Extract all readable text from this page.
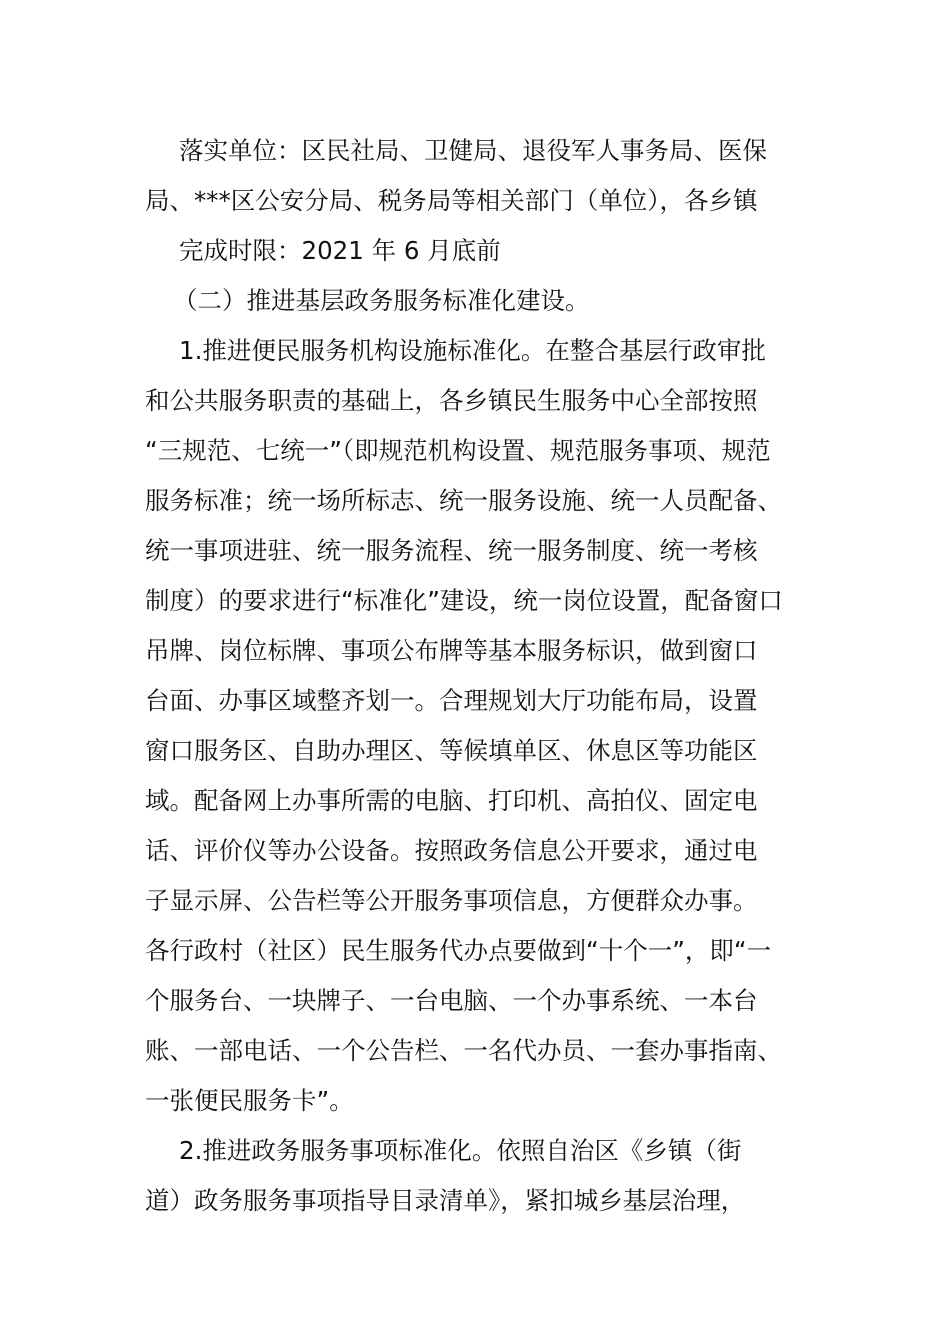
落实单位：区民社局、卫健局、退役军人事务局、医保
局、***区公安分局、税务局等相关部门（单位），各乡镇
完成时限：2021 年 6 月底前
（二）推进基层政务服务标准化建设。
1.推进便民服务机构设施标准化。在整合基层行政审批
和公共服务职责的基础上，各乡镇民生服务中心全部按照
“三规范、七统一”（即规范机构设置、规范服务事项、规范
服务标准；统一场所标志、统一服务设施、统一人员配备、
统一事项进驻、统一服务流程、统一服务制度、统一考核
制度）的要求进行“标准化”建设，统一岗位设置，配备窗口
吊牌、岗位标牌、事项公布牌等基本服务标识，做到窗口
台面、办事区域整齐划一。合理规划大厅功能布局，设置
窗口服务区、自助办理区、等候填单区、休息区等功能区
域。配备网上办事所需的电脑、打印机、高拍仪、固定电
话、评价仪等办公设备。按照政务信息公开要求，通过电
子显示屏、公告栏等公开服务事项信息，方便群众办事。
各行政村（社区）民生服务代办点要做到“十个一”，即“一
个服务台、一块牌子、一台电脑、一个办事系统、一本台
账、一部电话、一个公告栏、一名代办员、一套办事指南、
一张便民服务卡”。
2.推进政务服务事项标准化。依照自治区《乡镇（街
道）政务服务事项指导目录清单》，紧扣城乡基层治理，
